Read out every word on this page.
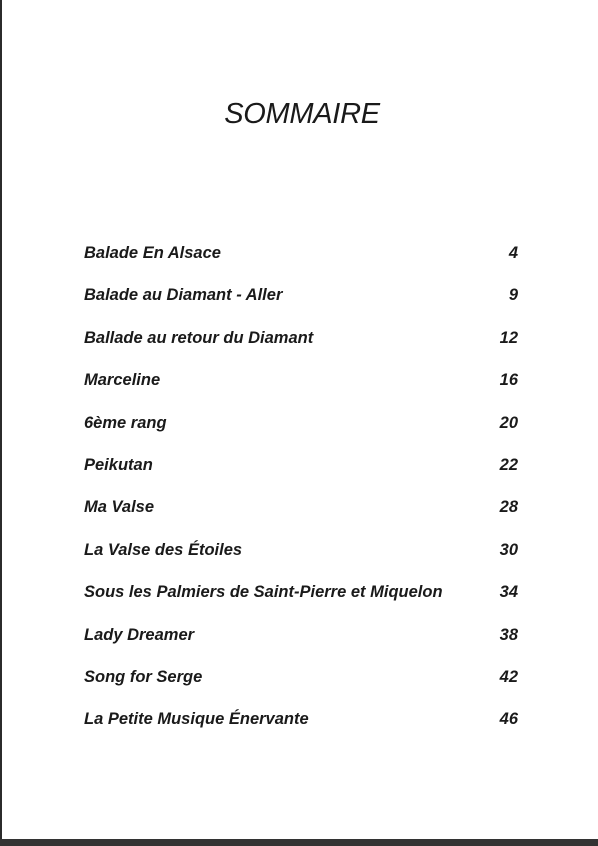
SOMMAIRE
Balade En Alsace	4
Balade au Diamant - Aller	9
Ballade au retour du Diamant	12
Marceline	16
6ème rang	20
Peikutan	22
Ma Valse	28
La Valse des Étoiles	30
Sous les Palmiers de Saint-Pierre et Miquelon	34
Lady Dreamer	38
Song for Serge	42
La Petite Musique Énervante	46
